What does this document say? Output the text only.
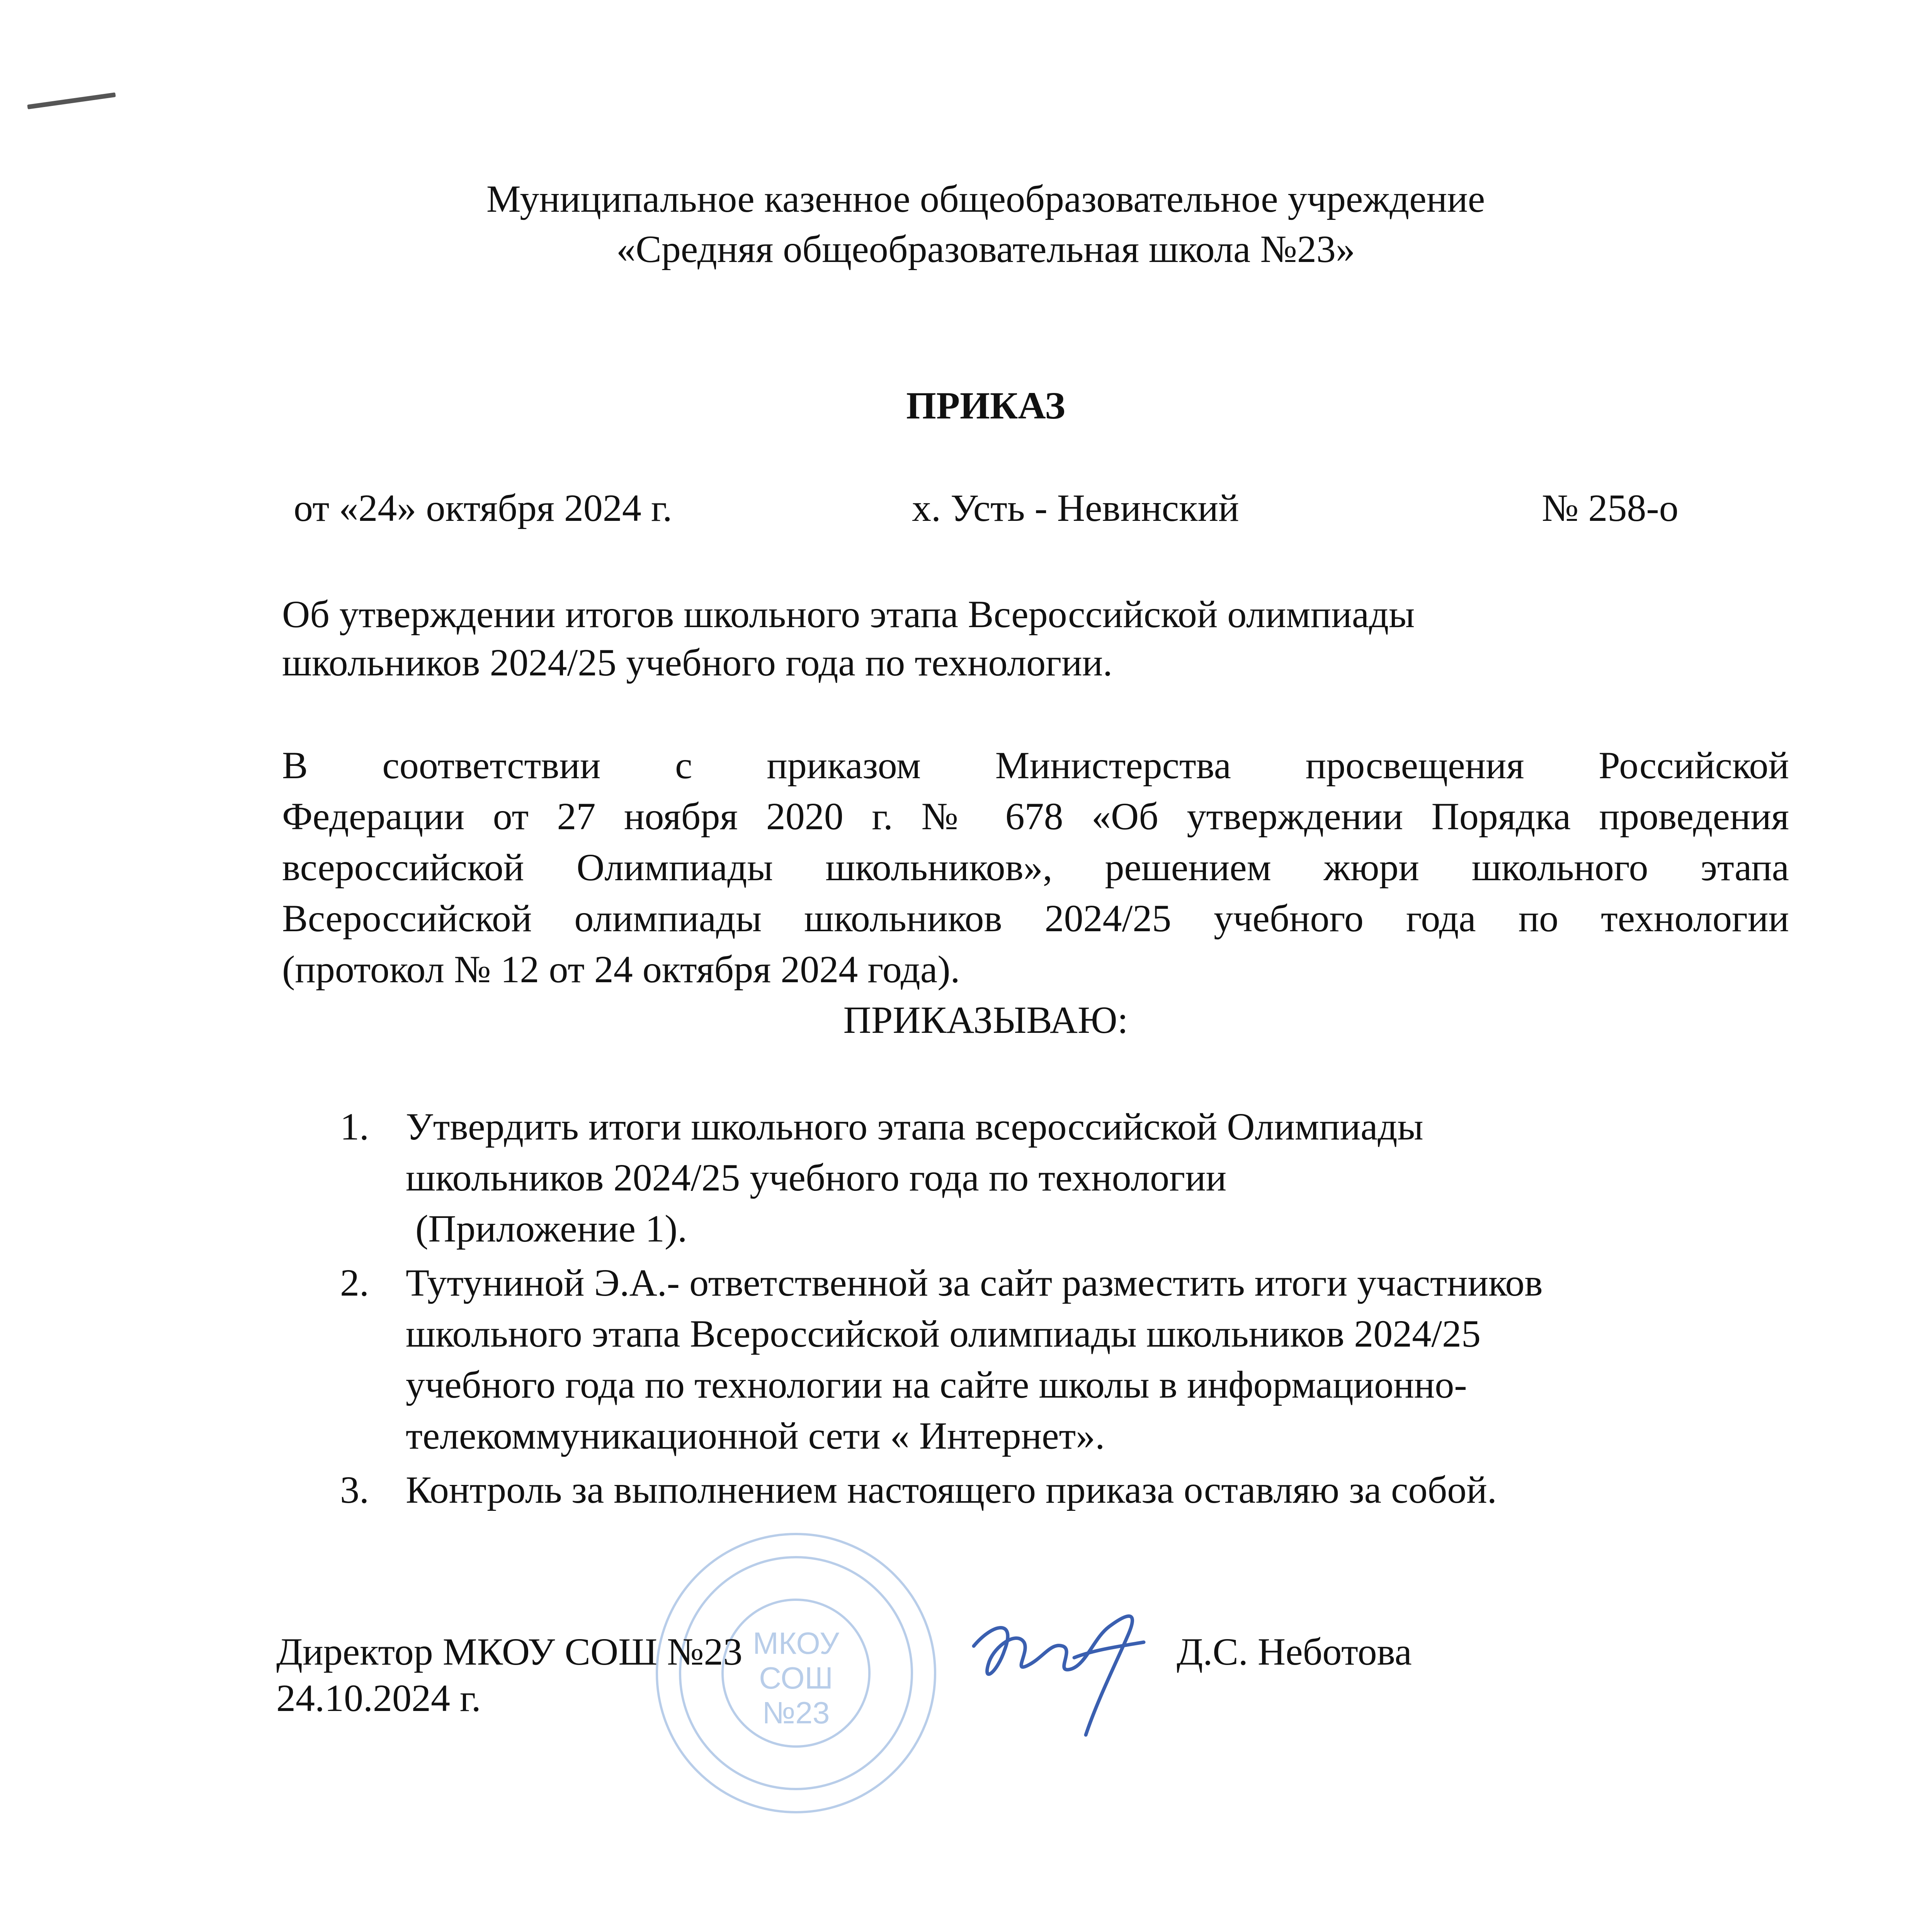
Муниципальное казенное общеобразовательное учреждение
«Средняя общеобразовательная школа №23»
ПРИКАЗ
от «24» октября 2024 г.	х. Усть - Невинский	№ 258-о
Об утверждении итогов школьного этапа Всероссийской олимпиады
школьников 2024/25 учебного года по технологии.
В соответствии с приказом Министерства просвещения Российской
Федерации от 27 ноября 2020 г. № 678 «Об утверждении Порядка проведения
всероссийской Олимпиады школьников», решением жюри школьного этапа
Всероссийской олимпиады школьников 2024/25 учебного года по технологии
(протокол № 12 от 24 октября 2024 года).
ПРИКАЗЫВАЮ:
1. Утвердить итоги школьного этапа всероссийской Олимпиады
школьников 2024/25 учебного года по технологии
(Приложение 1).
2. Тутуниной Э.А.- ответственной за сайт разместить итоги участников
школьного этапа Всероссийской олимпиады школьников 2024/25
учебного года по технологии на сайте школы в информационно-
телекоммуникационной сети « Интернет».
3. Контроль за выполнением настоящего приказа оставляю за собой.
МКОУ
СОШ
№23
Директор МКОУ СОШ №23
24.10.2024 г.
Д.С. Неботова
